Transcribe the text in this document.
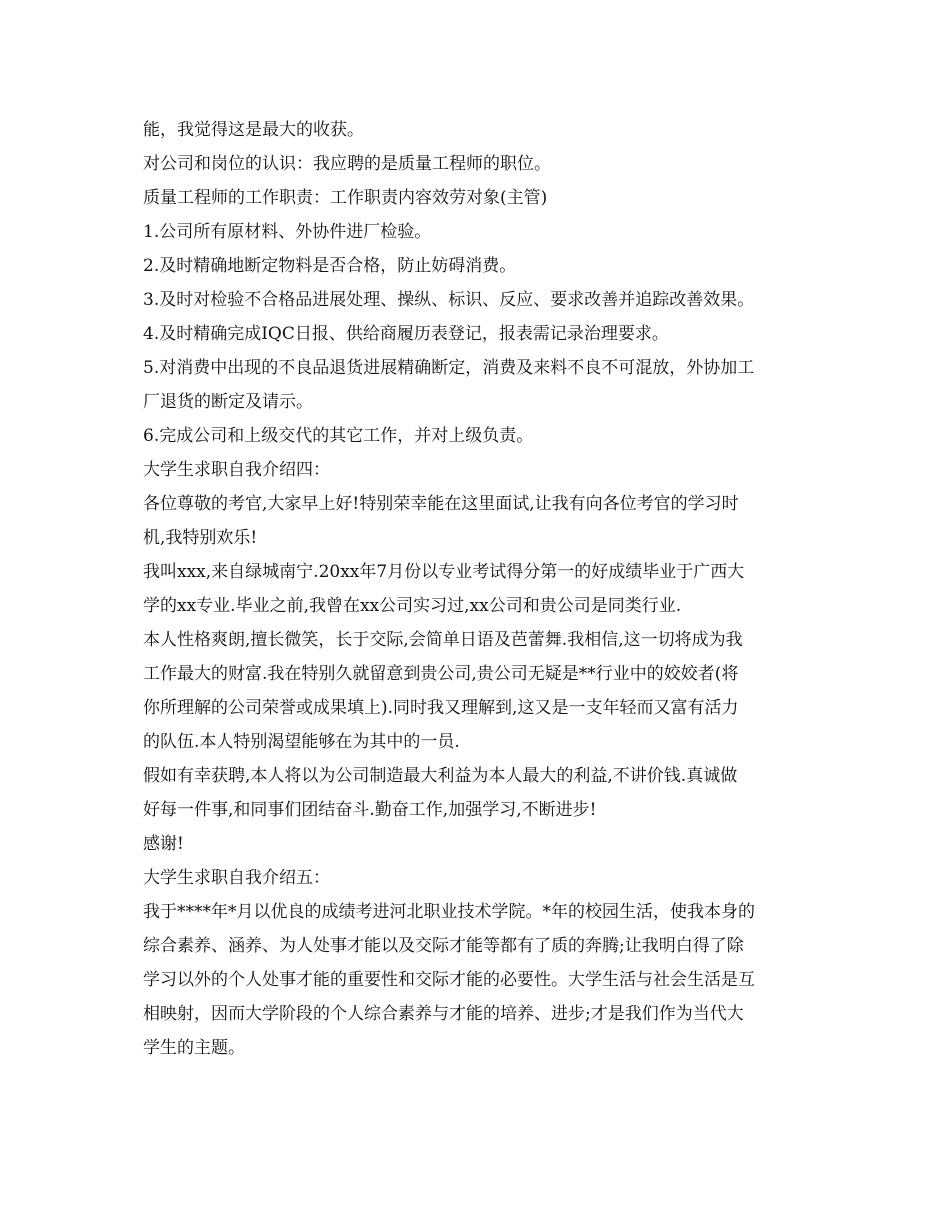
能，我觉得这是最大的收获。
对公司和岗位的认识：我应聘的是质量工程师的职位。
质量工程师的工作职责：工作职责内容效劳对象(主管)
1.公司所有原材料、外协件进厂检验。
2.及时精确地断定物料是否合格，防止妨碍消费。
3.及时对检验不合格品进展处理、操纵、标识、反应、要求改善并追踪改善效果。
4.及时精确完成IQC日报、供给商履历表登记，报表需记录治理要求。
5.对消费中出现的不良品退货进展精确断定，消费及来料不良不可混放，外协加工
厂退货的断定及请示。
6.完成公司和上级交代的其它工作，并对上级负责。
大学生求职自我介绍四：
各位尊敬的考官,大家早上好!特别荣幸能在这里面试,让我有向各位考官的学习时
机,我特别欢乐!
我叫xxx,来自绿城南宁.20xx年7月份以专业考试得分第一的好成绩毕业于广西大
学的xx专业.毕业之前,我曾在xx公司实习过,xx公司和贵公司是同类行业.
本人性格爽朗,擅长微笑，长于交际,会简单日语及芭蕾舞.我相信,这一切将成为我
工作最大的财富.我在特别久就留意到贵公司,贵公司无疑是**行业中的姣姣者(将
你所理解的公司荣誉或成果填上).同时我又理解到,这又是一支年轻而又富有活力
的队伍.本人特别渴望能够在为其中的一员.
假如有幸获聘,本人将以为公司制造最大利益为本人最大的利益,不讲价钱.真诚做
好每一件事,和同事们团结奋斗.勤奋工作,加强学习,不断进步!
感谢!
大学生求职自我介绍五：
我于****年*月以优良的成绩考进河北职业技术学院。*年的校园生活，使我本身的
综合素养、涵养、为人处事才能以及交际才能等都有了质的奔腾;让我明白得了除
学习以外的个人处事才能的重要性和交际才能的必要性。大学生活与社会生活是互
相映射，因而大学阶段的个人综合素养与才能的培养、进步;才是我们作为当代大
学生的主题。
